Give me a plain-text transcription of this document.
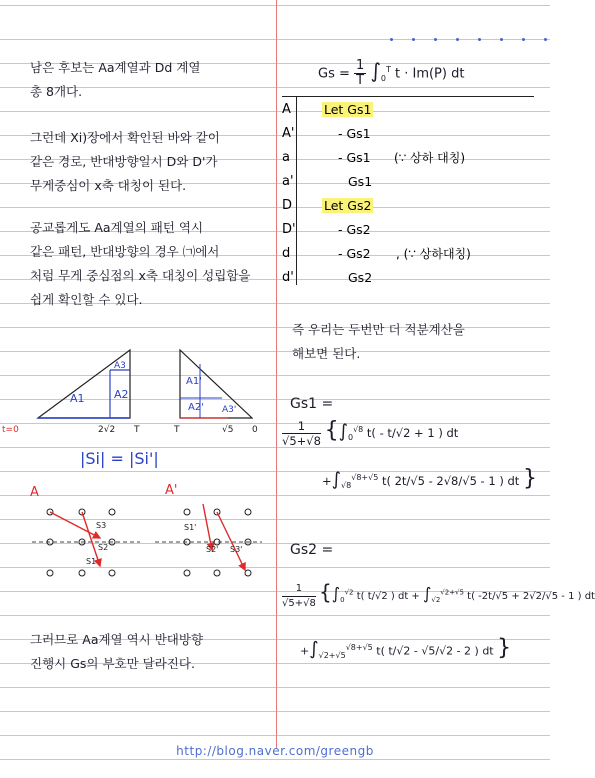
남은 후보는 Aa계열과 Dd 계열
총 8개다.
그런데 Xi)장에서 확인된 바와 같이
같은 경로, 반대방향일시 D와 D'가
무게중심이 x축 대칭이 된다.
공교롭게도 Aa계열의 패턴 역시
같은 패턴, 반대방향의 경우 ㈀에서
처럼 무게 중심점의 x축 대칭이 성립함을
쉽게 확인할 수 있다.
A3
A1	A2
t=0	2√2 T
A1'
A2' A3'
T	√5 0
|Si| = |Si'|
A	A'
S3
S2
S1
S1'
S2' S3'
그러므로 Aa계열 역시 반대방향
진행시 Gs의 부호만 달라진다.
$Gs = \frac{1}{T} \int_0^T$ t · Im(P) dt
A	Let Gs1
A'	- Gs1
a	- Gs1 (∵ 상하 대칭)
a'	Gs1
D	Let Gs2
D'	- Gs2
d	- Gs2 , (∵ 상하대칭)
d'	Gs2
즉 우리는 두번만 더 적분계산을
해보면 된다.
Gs1 =
$\frac{1}{√5+√8} \{\int_0^{√8}$ t( - t/√2 + 1 ) dt
$+\int_{√8}^{√8+√5}$ t( 2t/√5 - 2√8/√5 - 1 ) dt }
Gs2 =
$\frac{1}{√5+√8} \{\int_0^{√2}$ t( t/√2 ) dt + $\int_{√2}^{√2+√5}$ t( -2t/√5 + 2√2/√5 - 1 ) dt
$+\int_{√2+√5}^{√8+√5}$ t( t/√2 - √5/√2 - 2 ) dt }
http://blog.naver.com/greengb
